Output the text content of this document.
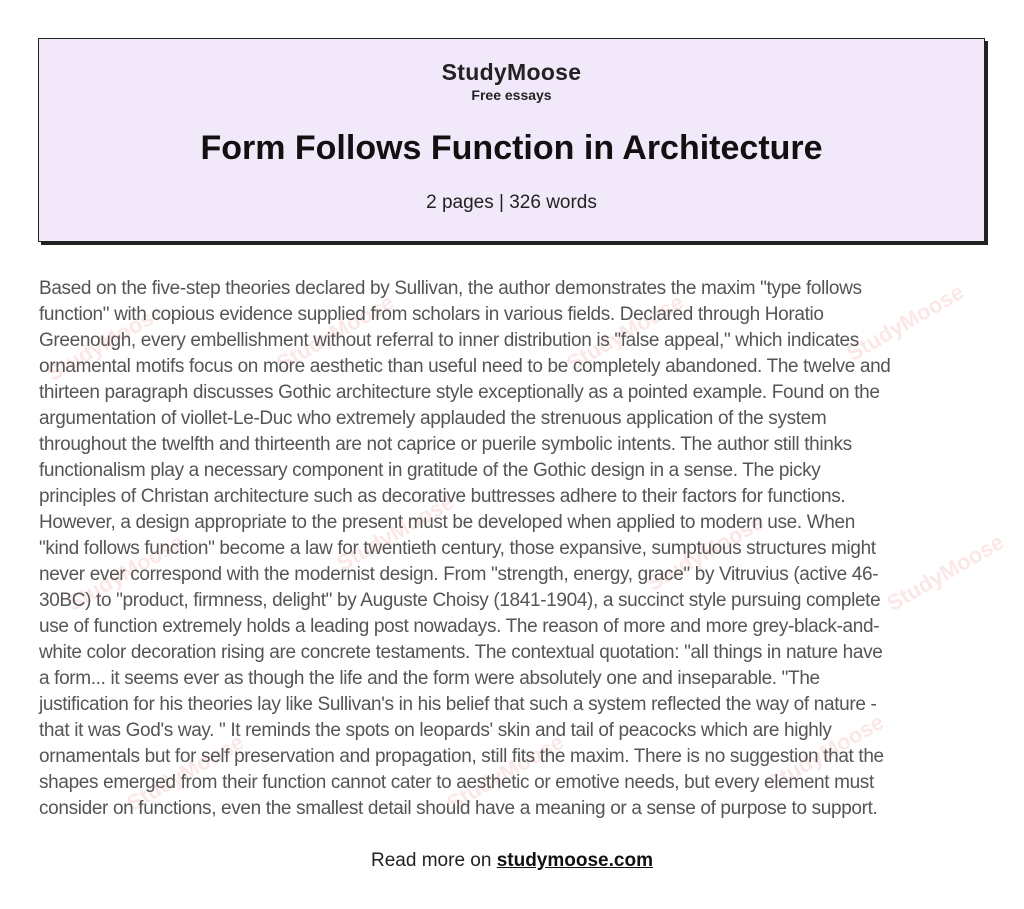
StudyMoose
Free essays
Form Follows Function in Architecture
2 pages | 326 words
StudyMoose	StudyMoose	StudyMoose	StudyMoose
StudyMoose	StudyMoose	StudyMoose	StudyMoose
StudyMoose	StudyMoose	StudyMoose
Based on the five-step theories declared by Sullivan, the author demonstrates the maxim "type follows
function" with copious evidence supplied from scholars in various fields. Declared through Horatio
Greenough, every embellishment without referral to inner distribution is "false appeal," which indicates
ornamental motifs focus on more aesthetic than useful need to be completely abandoned. The twelve and
thirteen paragraph discusses Gothic architecture style exceptionally as a pointed example. Found on the
argumentation of viollet-Le-Duc who extremely applauded the strenuous application of the system
throughout the twelfth and thirteenth are not caprice or puerile symbolic intents. The author still thinks
functionalism play a necessary component in gratitude of the Gothic design in a sense. The picky
principles of Christan architecture such as decorative buttresses adhere to their factors for functions.
However, a design appropriate to the present must be developed when applied to modern use. When
"kind follows function" become a law for twentieth century, those expansive, sumptuous structures might
never ever correspond with the modernist design. From "strength, energy, grace" by Vitruvius (active 46-
30BC) to "product, firmness, delight" by Auguste Choisy (1841-1904), a succinct style pursuing complete
use of function extremely holds a leading post nowadays. The reason of more and more grey-black-and-
white color decoration rising are concrete testaments. The contextual quotation: "all things in nature have
a form... it seems ever as though the life and the form were absolutely one and inseparable. "The
justification for his theories lay like Sullivan's in his belief that such a system reflected the way of nature -
that it was God's way. " It reminds the spots on leopards' skin and tail of peacocks which are highly
ornamentals but for self preservation and propagation, still fits the maxim. There is no suggestion that the
shapes emerged from their function cannot cater to aesthetic or emotive needs, but every element must
consider on functions, even the smallest detail should have a meaning or a sense of purpose to support.
Read more on studymoose.com
